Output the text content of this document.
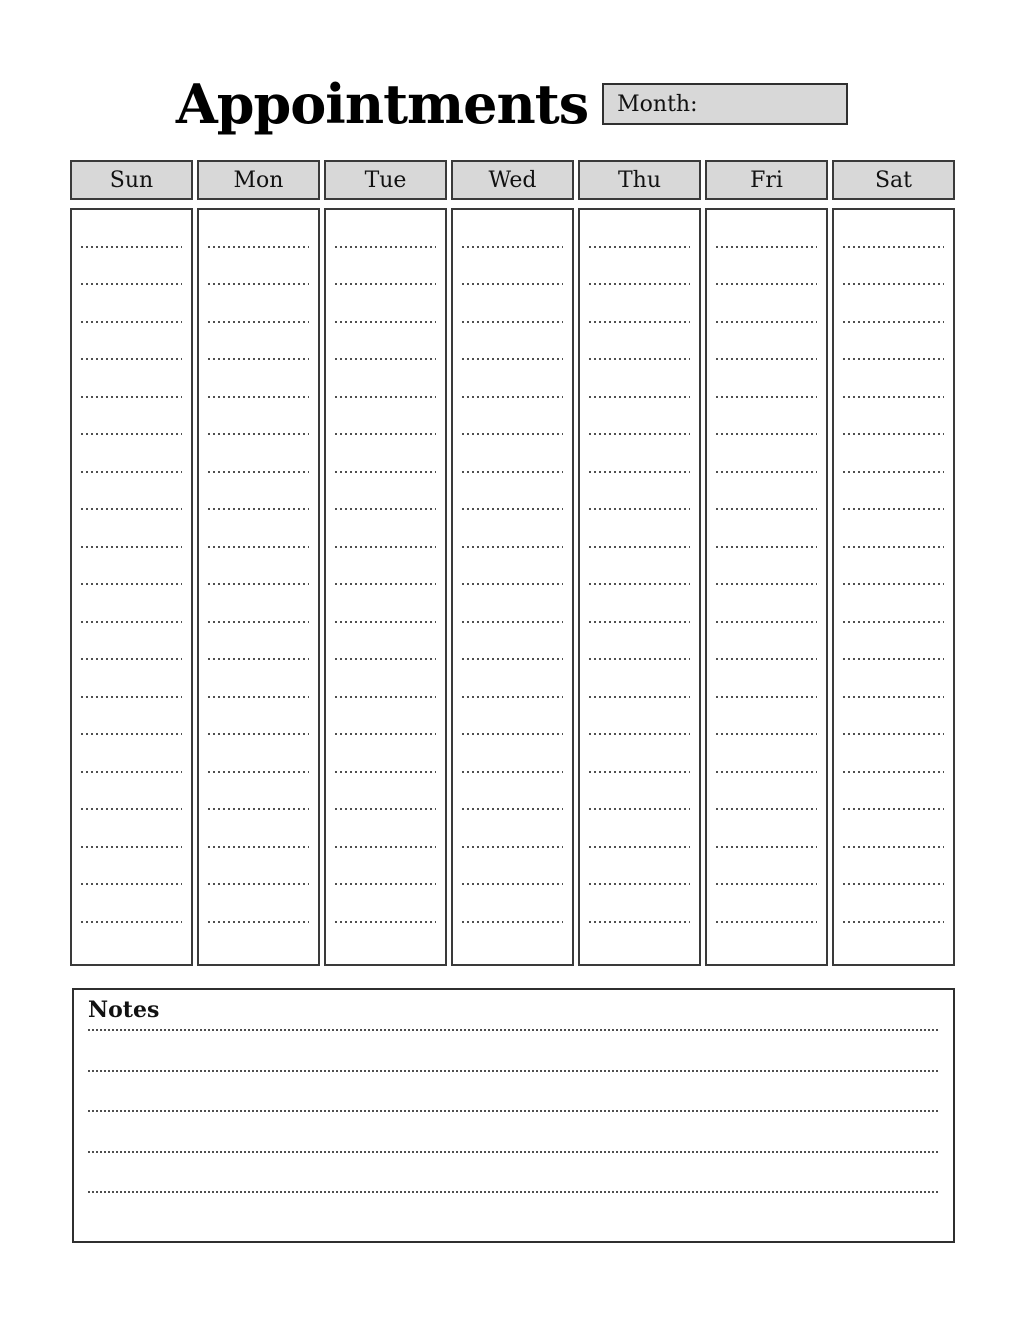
Appointments Month:
Sun	Mon	Tue	Wed	Thu	Fri	Sat
Notes
